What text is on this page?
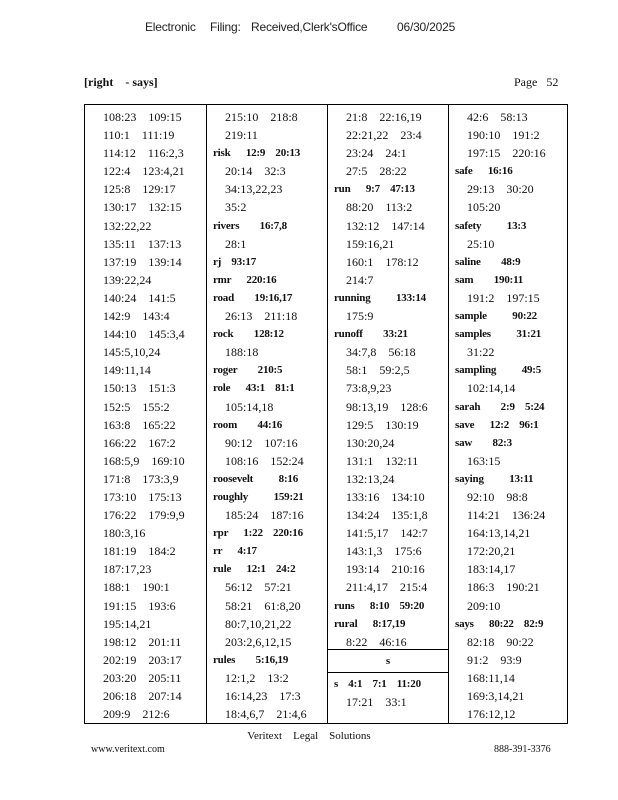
Electronic Filing: Received,Clerk'sOffice 06/30/2025
[right    - says]	Page   52
108:23    109:15
110:1    111:19
114:12    116:2,3
122:4    123:4,21
125:8    129:17
130:17    132:15
132:22,22
135:11    137:13
137:19    139:14
139:22,24
140:24    141:5
142:9    143:4
144:10    145:3,4
145:5,10,24
149:11,14
150:13    151:3
152:5    155:2
163:8    165:22
166:22    167:2
168:5,9    169:10
171:8    173:3,9
173:10    175:13
176:22    179:9,9
180:3,16
181:19    184:2
187:17,23
188:1    190:1
191:15    193:6
195:14,21
198:12    201:11
202:19    203:17
203:20    205:11
206:18    207:14
209:9    212:6
215:10    218:8
219:11
risk      12:9    20:13
20:14    32:3
34:13,22,23
35:2
rivers        16:7,8
28:1
rj    93:17
rmr      220:16
road        19:16,17
26:13    211:18
rock        128:12
188:18
roger        210:5
role      43:1    81:1
105:14,18
room        44:16
90:12    107:16
108:16    152:24
roosevelt          8:16
roughly          159:21
185:24    187:16
rpr      1:22    220:16
rr      4:17
rule      12:1    24:2
56:12    57:21
58:21    61:8,20
80:7,10,21,22
203:2,6,12,15
rules        5:16,19
12:1,2    13:2
16:14,23    17:3
18:4,6,7    21:4,6
21:8    22:16,19
22:21,22    23:4
23:24    24:1
27:5    28:22
run      9:7    47:13
88:20    113:2
132:12    147:14
159:16,21
160:1    178:12
214:7
running          133:14
175:9
runoff        33:21
34:7,8    56:18
58:1    59:2,5
73:8,9,23
98:13,19    128:6
129:5    130:19
130:20,24
131:1    132:11
132:13,24
133:16    134:10
134:24    135:1,8
141:5,17    142:7
143:1,3    175:6
193:14    210:16
211:4,17    215:4
runs      8:10    59:20
rural      8:17,19
8:22    46:16
s
s    4:1    7:1    11:20
17:21    33:1
42:6    58:13
190:10    191:2
197:15    220:16
safe      16:16
29:13    30:20
105:20
safety          13:3
25:10
saline        48:9
sam        190:11
191:2    197:15
sample          90:22
samples          31:21
31:22
sampling          49:5
102:14,14
sarah        2:9    5:24
save      12:2    96:1
saw        82:3
163:15
saying          13:11
92:10    98:8
114:21    136:24
164:13,14,21
172:20,21
183:14,17
186:3    190:21
209:10
says      80:22    82:9
82:18    90:22
91:2    93:9
168:11,14
169:3,14,21
176:12,12
Veritext    Legal    Solutions
www.veritext.com	888-391-3376
